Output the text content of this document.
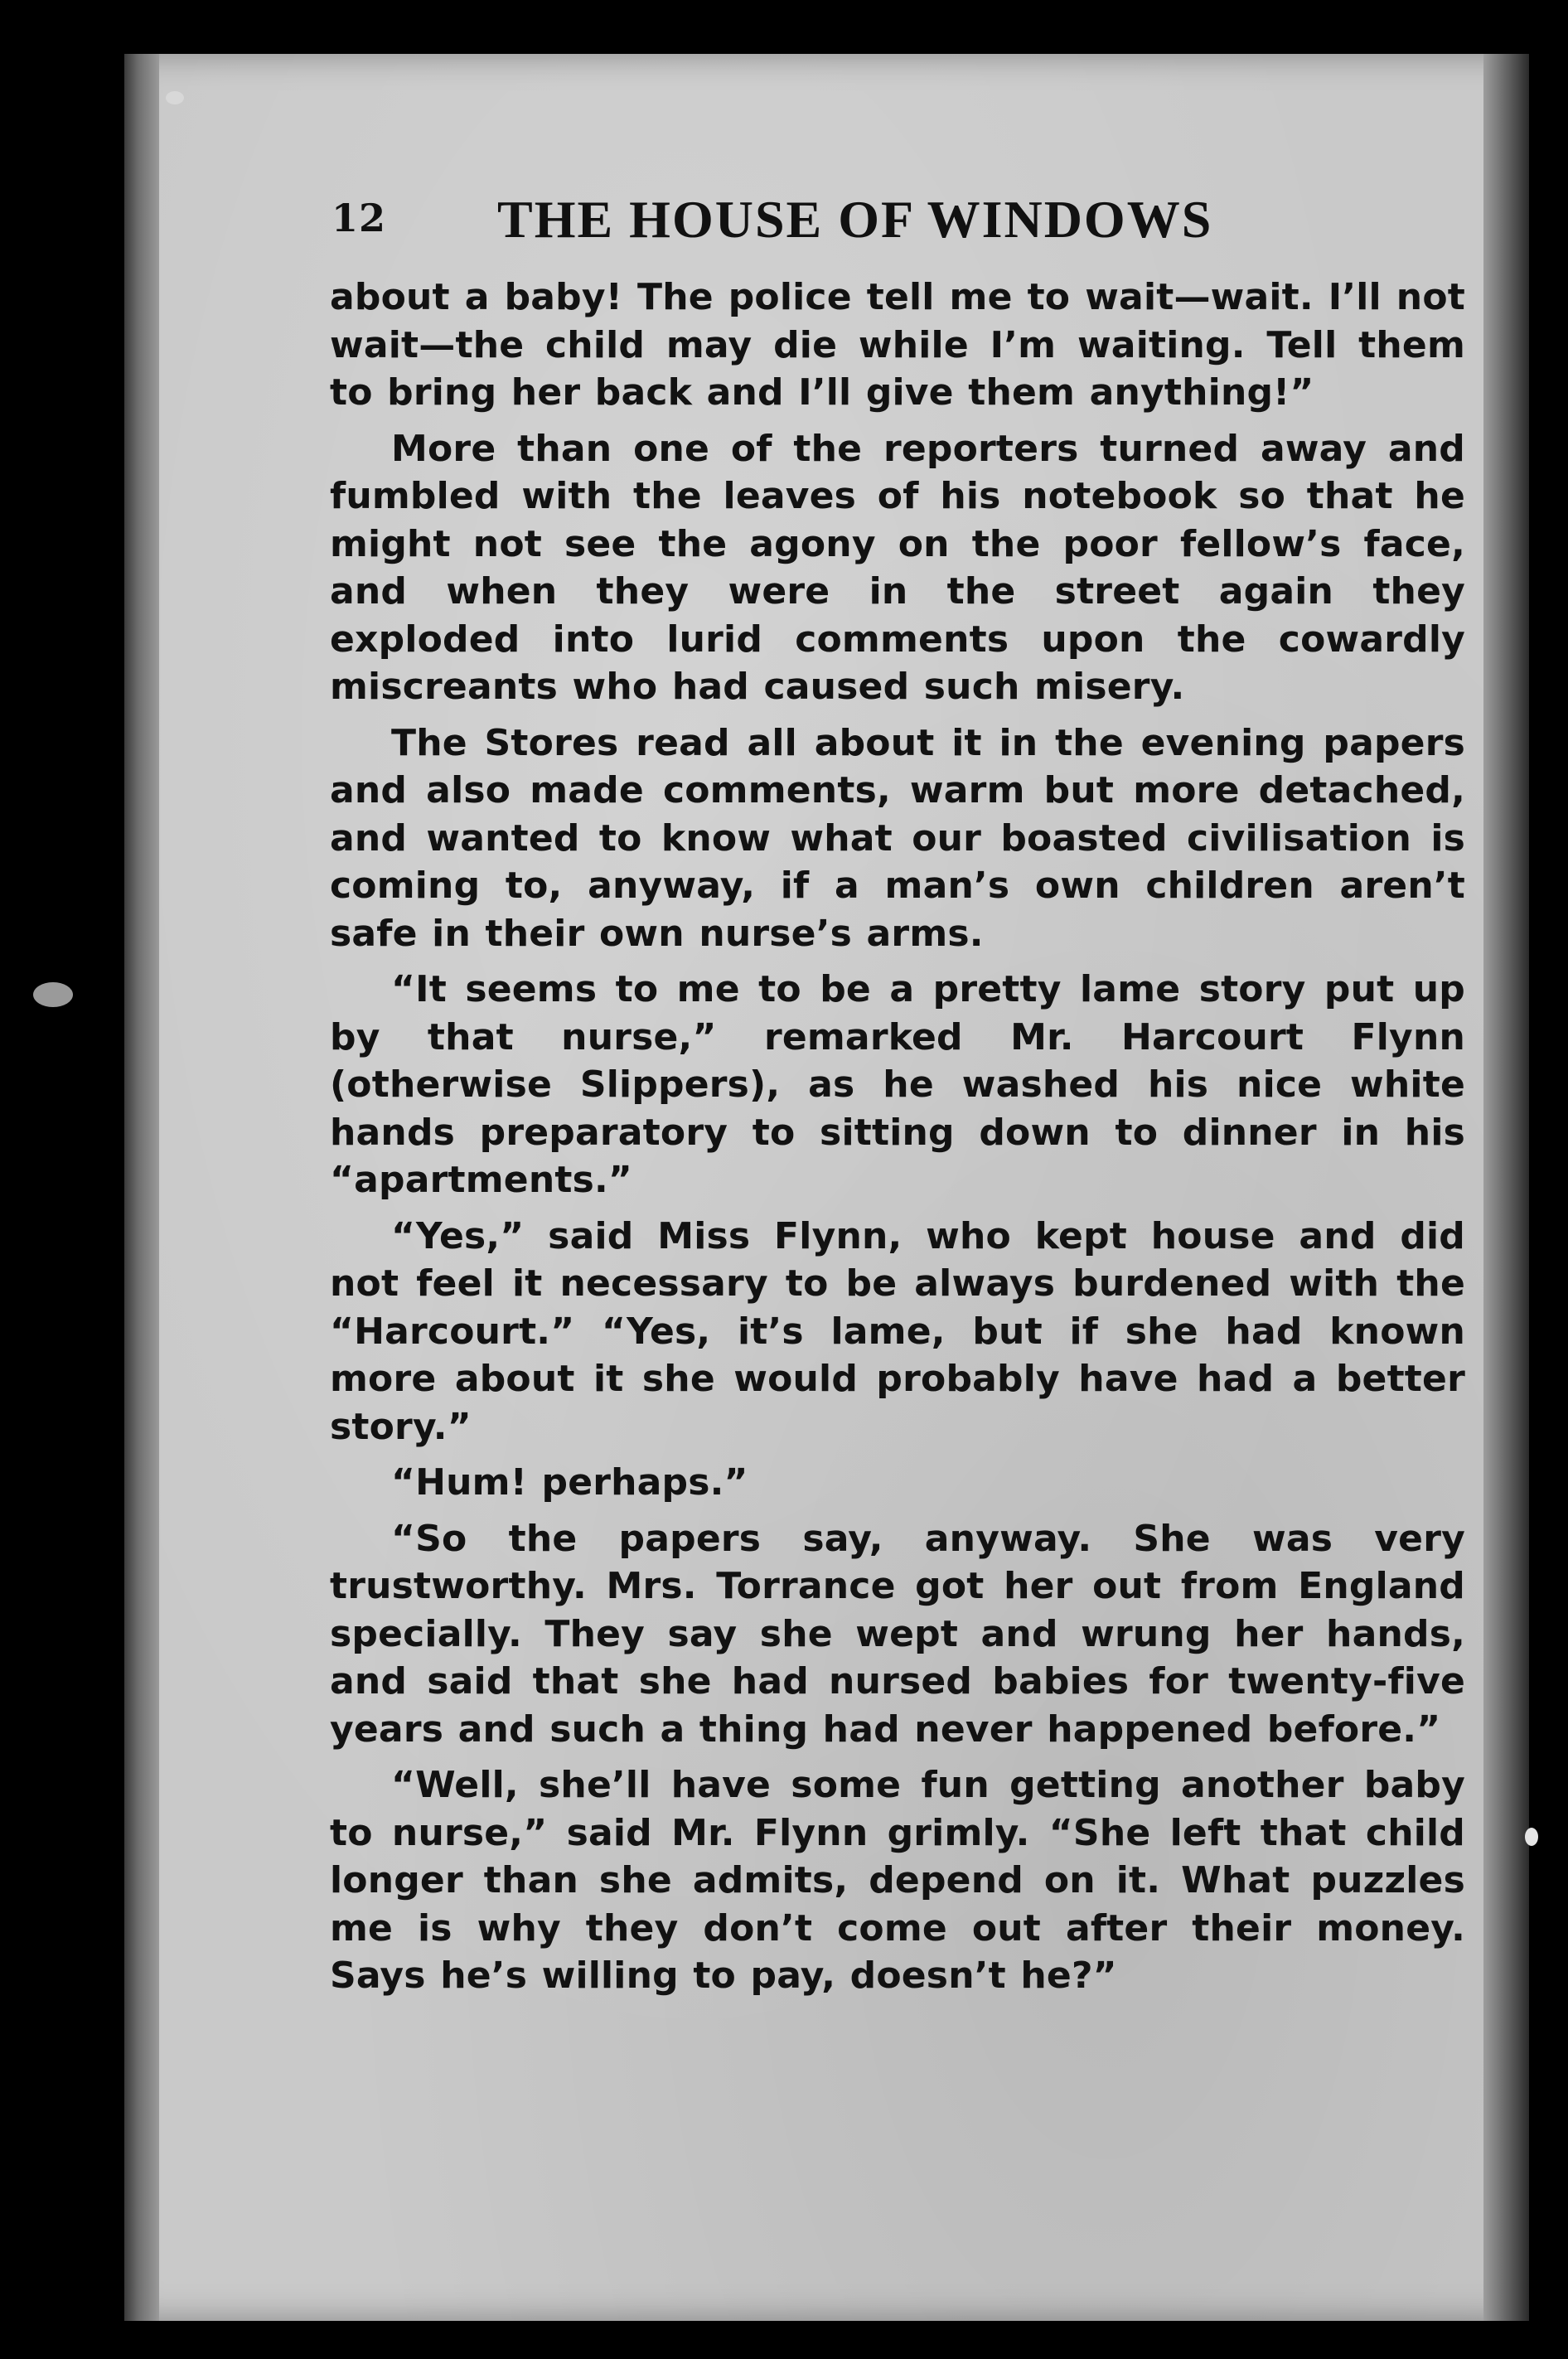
12 THE HOUSE OF WINDOWS

about a baby! The police tell me to wait—wait. I’ll not wait—the child may die while I’m waiting. Tell them to bring her back and I’ll give them anything!”

More than one of the reporters turned away and fumbled with the leaves of his notebook so that he might not see the agony on the poor fellow’s face, and when they were in the street again they exploded into lurid comments upon the cowardly miscreants who had caused such misery.

The Stores read all about it in the evening papers and also made comments, warm but more detached, and wanted to know what our boasted civilisation is coming to, anyway, if a man’s own children aren’t safe in their own nurse’s arms.

“It seems to me to be a pretty lame story put up by that nurse,” remarked Mr. Harcourt Flynn (otherwise Slippers), as he washed his nice white hands preparatory to sitting down to dinner in his “apartments.”

“Yes,” said Miss Flynn, who kept house and did not feel it necessary to be always burdened with the “Harcourt.” “Yes, it’s lame, but if she had known more about it she would probably have had a better story.”

“Hum! perhaps.”

“So the papers say, anyway. She was very trustworthy. Mrs. Torrance got her out from England specially. They say she wept and wrung her hands, and said that she had nursed babies for twenty-five years and such a thing had never happened before.”

“Well, she’ll have some fun getting another baby to nurse,” said Mr. Flynn grimly. “She left that child longer than she admits, depend on it. What puzzles me is why they don’t come out after their money. Says he’s willing to pay, doesn’t he?”
